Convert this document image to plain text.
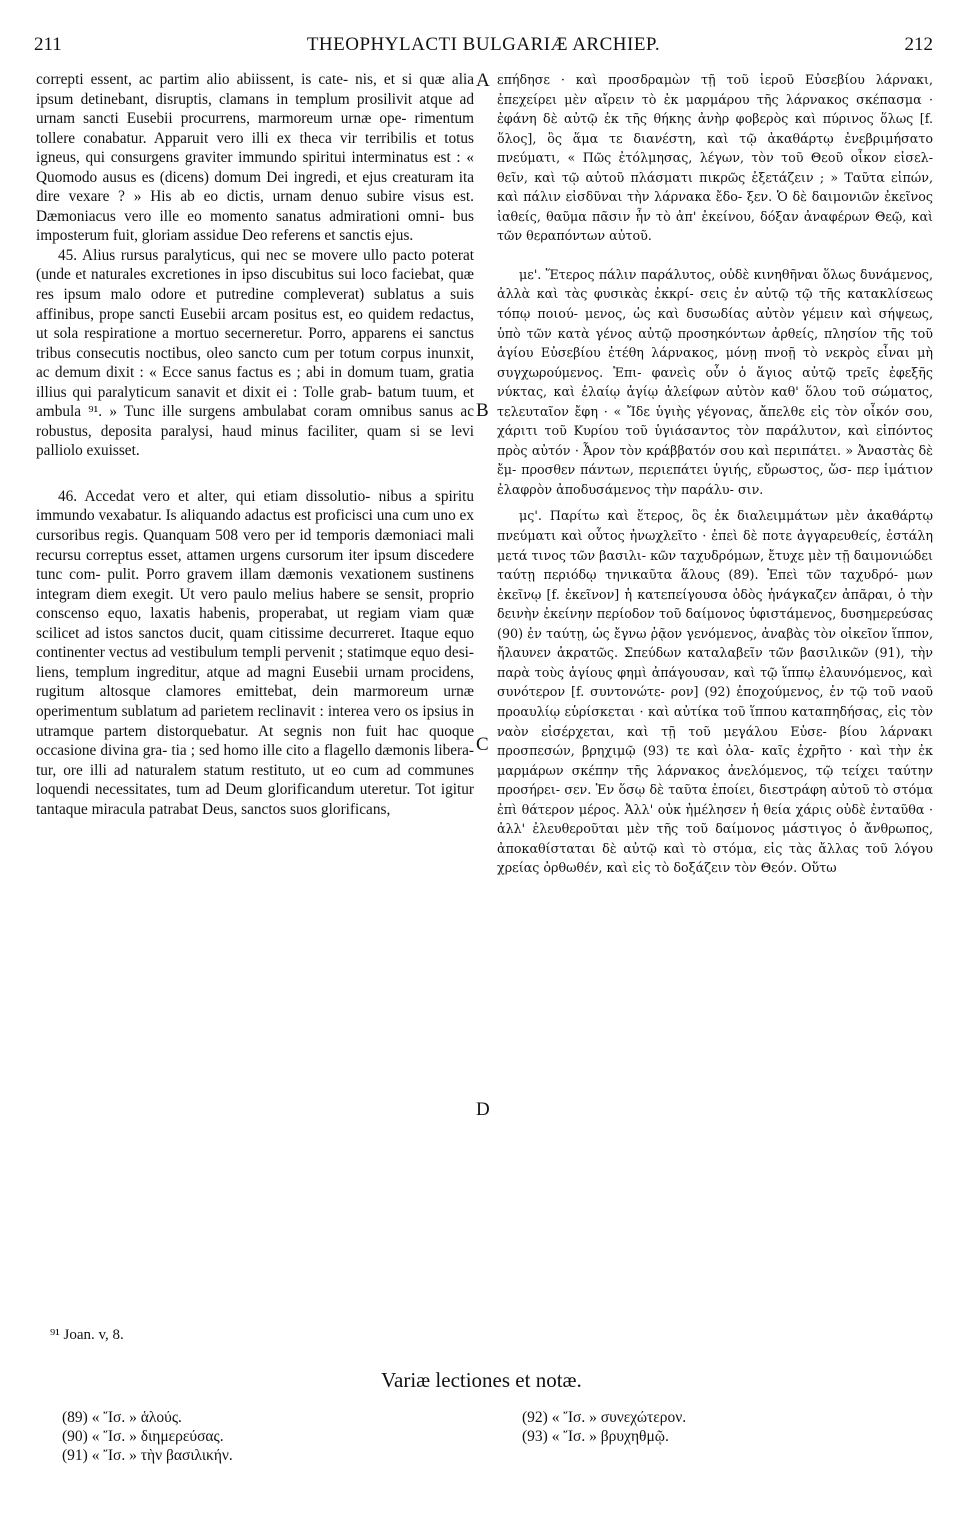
211	THEOPHYLACTI BULGARIÆ ARCHIEP.	212

correpti essent, ac partim alio abiissent, is cate- nis, et si quæ alia ipsum detinebant, disruptis, clamans in templum prosilivit atque ad urnam sancti Eusebii procurrens, marmoreum urnæ ope- rimentum tollere conabatur. Apparuit vero illi ex theca vir terribilis et totus igneus, qui consurgens graviter immundo spiritui interminatus est : « Quomodo ausus es (dicens) domum Dei ingredi, et ejus creaturam ita dire vexare ? » His ab eo dictis, urnam denuo subire visus est. Dæmoniacus vero ille eo momento sanatus admirationi omni- bus imposterum fuit, gloriam assidue Deo referens et sanctis ejus.

45. Alius rursus paralyticus, qui nec se movere ullo pacto poterat (unde et naturales excretiones in ipso discubitus sui loco faciebat, quæ res ipsum malo odore et putredine compleverat) sublatus a suis affinibus, prope sancti Eusebii arcam positus est, eo quidem redactus, ut sola respiratione a mortuo secerneretur. Porro, apparens ei sanctus tribus consecutis noctibus, oleo sancto cum per totum corpus inunxit, ac demum dixit : « Ecce sanus factus es ; abi in domum tuam, gratia illius qui paralyticum sanavit et dixit ei : Tolle grab- batum tuum, et ambula ⁹¹. » Tunc ille surgens ambulabat coram omnibus sanus ac robustus, deposita paralysi, haud minus faciliter, quam si se levi palliolo exuisset.

46. Accedat vero et alter, qui etiam dissolutio- nibus a spiritu immundo vexabatur. Is aliquando adactus est proficisci una cum uno ex cursoribus regis. Quanquam 508 vero per id temporis dæmoniaci mali recursu correptus esset, attamen urgens cursorum iter ipsum discedere tunc com- pulit. Porro gravem illam dæmonis vexationem sustinens integram diem exegit. Ut vero paulo melius habere se sensit, proprio conscenso equo, laxatis habenis, properabat, ut regiam viam quæ scilicet ad istos sanctos ducit, quam citissime decurreret. Itaque equo continenter vectus ad vestibulum templi pervenit ; statimque equo desi- liens, templum ingreditur, atque ad magni Eusebii urnam procidens, rugitum altosque clamores emittebat, dein marmoreum urnæ operimentum sublatum ad parietem reclinavit : interea vero os ipsius in utramque partem distorquebatur. At segnis non fuit hac quoque occasione divina gra- tia ; sed homo ille cito a flagello dæmonis libera- tur, ore illi ad naturalem statum restituto, ut eo cum ad communes loquendi necessitates, tum ad Deum glorificandum uteretur. Tot igitur tantaque miracula patrabat Deus, sanctos suos glorificans,

A
B
C
D

επήδησε · καὶ προσδραμὼν τῇ τοῦ ἱεροῦ Εὐσεβίου λάρνακι, ἐπεχείρει μὲν αἴρειν τὸ ἐκ μαρμάρου τῆς λάρνακος σκέπασμα · ἐφάνη δὲ αὐτῷ ἐκ τῆς θήκης ἀνὴρ φοβερὸς καὶ πύρινος ὅλως [f. ὅλος], ὃς ἅμα τε διανέστη, καὶ τῷ ἀκαθάρτῳ ἐνεβριμήσατο πνεύματι, « Πῶς ἐτόλμησας, λέγων, τὸν τοῦ Θεοῦ οἶκον εἰσελ- θεῖν, καὶ τῷ αὐτοῦ πλάσματι πικρῶς ἐξετάζειν ; » Ταῦτα εἰπών, καὶ πάλιν εἰσδῦναι τὴν λάρνακα ἔδο- ξεν. Ὁ δὲ δαιμονιῶν ἐκεῖνος ἰαθείς, θαῦμα πᾶσιν ἦν τὸ ἀπ' ἐκείνου, δόξαν ἀναφέρων Θεῷ, καὶ τῶν θεραπόντων αὐτοῦ.

με'. Ἕτερος πάλιν παράλυτος, οὐδὲ κινηθῆναι ὅλως δυνάμενος, ἀλλὰ καὶ τὰς φυσικὰς ἐκκρί- σεις ἐν αὐτῷ τῷ τῆς κατακλίσεως τόπῳ ποιού- μενος, ὡς καὶ δυσωδίας αὐτὸν γέμειν καὶ σήψεως, ὑπὸ τῶν κατὰ γένος αὐτῷ προσηκόντων ἀρθείς, πλησίον τῆς τοῦ ἁγίου Εὐσεβίου ἐτέθη λάρνακος, μόνῃ πνοῇ τὸ νεκρὸς εἶναι μὴ συγχωρούμενος. Ἐπι- φανεὶς οὖν ὁ ἅγιος αὐτῷ τρεῖς ἐφεξῆς νύκτας, καὶ ἐλαίῳ ἁγίῳ ἀλείφων αὐτὸν καθ' ὅλου τοῦ σώματος, τελευταῖον ἔφη · « Ἴδε ὑγιὴς γέγονας, ἄπελθε εἰς τὸν οἶκόν σου, χάριτι τοῦ Κυρίου τοῦ ὑγιάσαντος τὸν παράλυτον, καὶ εἰπόντος πρὸς αὐτόν · Ἆρον τὸν κράββατόν σου καὶ περιπάτει. » Ἀναστὰς δὲ ἔμ- προσθεν πάντων, περιεπάτει ὑγιής, εὔρωστος, ὥσ- περ ἱμάτιον ἐλαφρὸν ἀποδυσάμενος τὴν παράλυ- σιν.

μς'. Παρίτω καὶ ἕτερος, ὃς ἐκ διαλειμμάτων μὲν ἀκαθάρτῳ πνεύματι καὶ οὗτος ἠνωχλεῖτο · ἐπεὶ δὲ ποτε ἀγγαρευθείς, ἐστάλη μετά τινος τῶν βασιλι- κῶν ταχυδρόμων, ἔτυχε μὲν τῇ δαιμονιώδει ταύτῃ περιόδῳ τηνικαῦτα ἅλους (89). Ἐπεὶ τῶν ταχυδρό- μων ἐκεῖνῳ [f. ἐκεῖνον] ἡ κατεπείγουσα ὁδὸς ἠνάγκαζεν ἀπᾶραι, ὁ τὴν δεινὴν ἐκείνην περίοδον τοῦ δαίμονος ὑφιστάμενος, δυσημερεύσας (90) ἐν ταύτῃ, ὡς ἔγνω ῥᾷον γενόμενος, ἀναβὰς τὸν οἰκεῖον ἵππον, ἤλαυνεν ἀκρατῶς. Σπεύδων καταλαβεῖν τῶν βασιλικῶν (91), τὴν παρὰ τοὺς ἁγίους φημὶ ἀπάγουσαν, καὶ τῷ ἵππῳ ἐλαυνόμενος, καὶ συνότερον [f. συντονώτε- ρον] (92) ἐποχούμενος, ἐν τῷ τοῦ ναοῦ προαυλίῳ εὑρίσκεται · καὶ αὐτίκα τοῦ ἵππου καταπηδήσας, εἰς τὸν ναὸν εἰσέρχεται, καὶ τῇ τοῦ μεγάλου Εὐσε- βίου λάρνακι προσπεσών, βρηχιμῷ (93) τε καὶ ὀλα- καῖς ἐχρῆτο · καὶ τὴν ἐκ μαρμάρων σκέπην τῆς λάρνακος ἀνελόμενος, τῷ τείχει ταύτην προσήρει- σεν. Ἐν ὅσῳ δὲ ταῦτα ἐποίει, διεστράφη αὐτοῦ τὸ στόμα ἐπὶ θάτερον μέρος. Ἀλλ' οὐκ ἠμέλησεν ἡ θεία χάρις οὐδὲ ἐνταῦθα · ἀλλ' ἐλευθεροῦται μὲν τῆς τοῦ δαίμονος μάστιγος ὁ ἄνθρωπος, ἀποκαθίσταται δὲ αὐτῷ καὶ τὸ στόμα, εἰς τὰς ἄλλας τοῦ λόγου χρείας ὀρθωθέν, καὶ εἰς τὸ δοξάζειν τὸν Θεόν. Οὕτω

⁹¹ Joan. v, 8.
Variæ lectiones et notæ.
(89) « Ἴσ. » ἁλούς.
(90) « Ἴσ. » διημερεύσας.
(91) « Ἴσ. » τὴν βασιλικήν.
(92) « Ἴσ. » συνεχώτερον.
(93) « Ἴσ. » βρυχηθμῷ.
